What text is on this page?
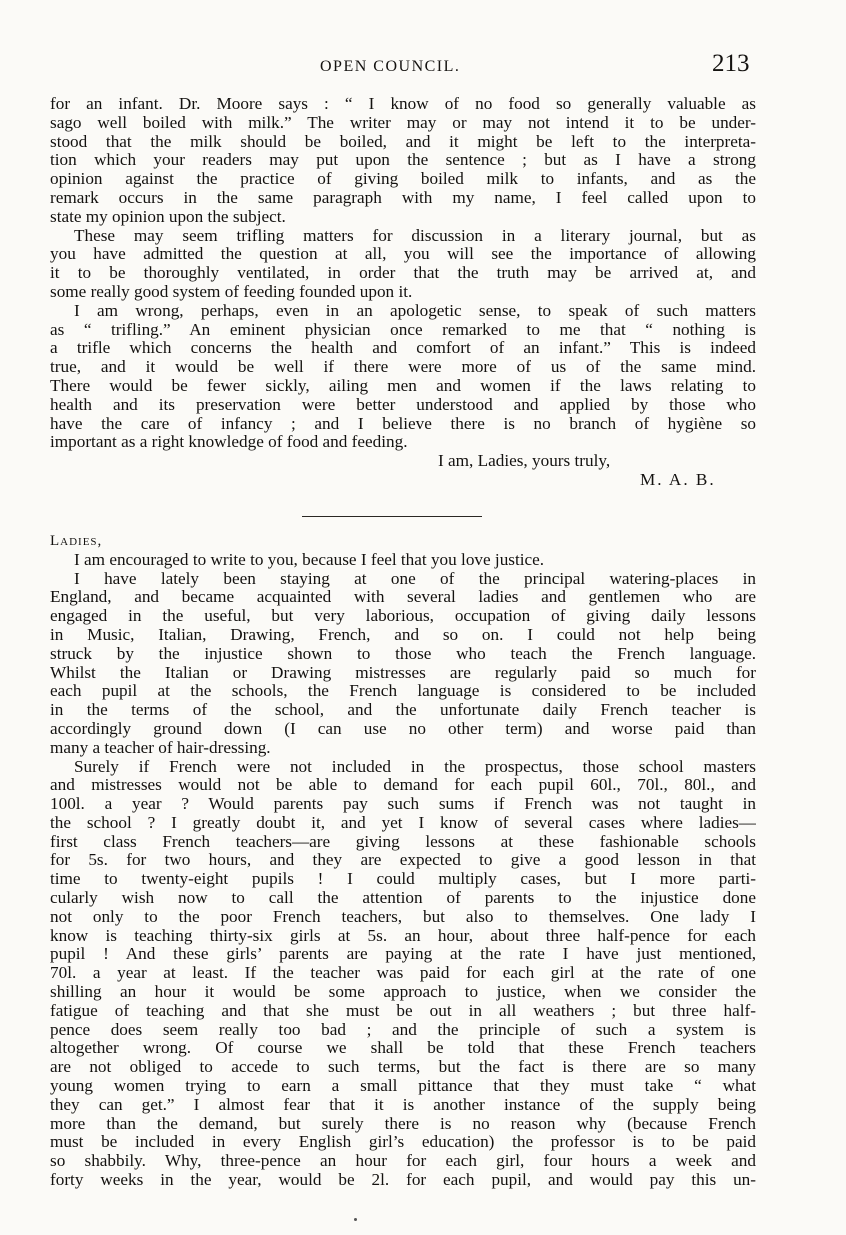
OPEN COUNCIL.	213
for an infant. Dr. Moore says : “ I know of no food so generally valuable as
sago well boiled with milk.” The writer may or may not intend it to be under-
stood that the milk should be boiled, and it might be left to the interpreta-
tion which your readers may put upon the sentence ; but as I have a strong
opinion against the practice of giving boiled milk to infants, and as the
remark occurs in the same paragraph with my name, I feel called upon to
state my opinion upon the subject.
These may seem trifling matters for discussion in a literary journal, but as
you have admitted the question at all, you will see the importance of allowing
it to be thoroughly ventilated, in order that the truth may be arrived at, and
some really good system of feeding founded upon it.
I am wrong, perhaps, even in an apologetic sense, to speak of such matters
as “ trifling.” An eminent physician once remarked to me that “ nothing is
a trifle which concerns the health and comfort of an infant.” This is indeed
true, and it would be well if there were more of us of the same mind.
There would be fewer sickly, ailing men and women if the laws relating to
health and its preservation were better understood and applied by those who
have the care of infancy ; and I believe there is no branch of hygiène so
important as a right knowledge of food and feeding.
I am, Ladies, yours truly,
M. A. B.
Ladies,
I am encouraged to write to you, because I feel that you love justice.
I have lately been staying at one of the principal watering-places in
England, and became acquainted with several ladies and gentlemen who are
engaged in the useful, but very laborious, occupation of giving daily lessons
in Music, Italian, Drawing, French, and so on. I could not help being
struck by the injustice shown to those who teach the French language.
Whilst the Italian or Drawing mistresses are regularly paid so much for
each pupil at the schools, the French language is considered to be included
in the terms of the school, and the unfortunate daily French teacher is
accordingly ground down (I can use no other term) and worse paid than
many a teacher of hair-dressing.
Surely if French were not included in the prospectus, those school masters
and mistresses would not be able to demand for each pupil 60l., 70l., 80l., and
100l. a year ? Would parents pay such sums if French was not taught in
the school ? I greatly doubt it, and yet I know of several cases where ladies—
first class French teachers—are giving lessons at these fashionable schools
for 5s. for two hours, and they are expected to give a good lesson in that
time to twenty-eight pupils ! I could multiply cases, but I more parti-
cularly wish now to call the attention of parents to the injustice done
not only to the poor French teachers, but also to themselves. One lady I
know is teaching thirty-six girls at 5s. an hour, about three half-pence for each
pupil ! And these girls’ parents are paying at the rate I have just mentioned,
70l. a year at least. If the teacher was paid for each girl at the rate of one
shilling an hour it would be some approach to justice, when we consider the
fatigue of teaching and that she must be out in all weathers ; but three half-
pence does seem really too bad ; and the principle of such a system is
altogether wrong. Of course we shall be told that these French teachers
are not obliged to accede to such terms, but the fact is there are so many
young women trying to earn a small pittance that they must take “ what
they can get.” I almost fear that it is another instance of the supply being
more than the demand, but surely there is no reason why (because French
must be included in every English girl’s education) the professor is to be paid
so shabbily. Why, three-pence an hour for each girl, four hours a week and
forty weeks in the year, would be 2l. for each pupil, and would pay this un-
